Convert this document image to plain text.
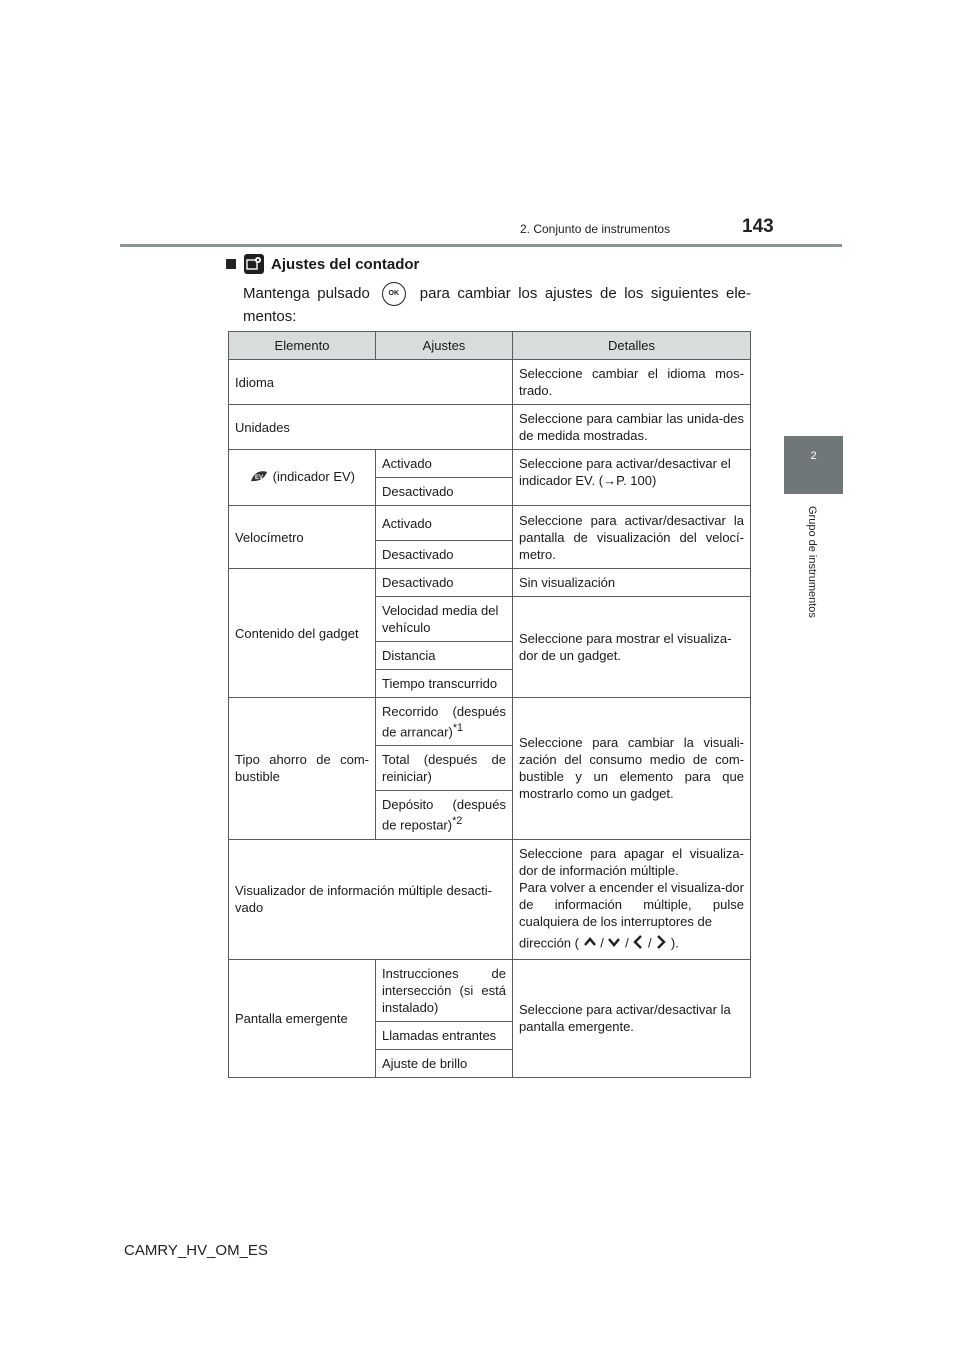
2. Conjunto de instrumentos	143
2
Grupo de instrumentos
Ajustes del contador
Mantenga pulsado	OK para cambiar los ajustes de los siguientes ele-mentos:
Elemento	Ajustes	Detalles
Idioma		Seleccione cambiar el idioma mos-trado.
Unidades		Seleccione para cambiar las unida-des de medida mostradas.

EV (indicador EV)	Activado	Seleccione para activar/desactivar el indicador EV. (→P. 100)
	Desactivado	
Velocímetro	Activado	Seleccione para activar/desactivar la pantalla de visualización del velocí-metro.
	Desactivado	
Contenido del gadget	Desactivado	Sin visualización
	Velocidad media del vehículo	Seleccione para mostrar el visualiza-dor de un gadget.
	Distancia	
	Tiempo transcurrido	
Tipo ahorro de com-bustible	Recorrido (después de arrancar)$^{*1}$	Seleccione para cambiar la visuali-zación del consumo medio de com-bustible y un elemento para que mostrarlo como un gadget.
	Total (después de reiniciar)	
	Depósito (después de repostar)$^{*2}$
Visualizador de información múltiple desacti-vado		Seleccione para apagar el visualiza-dor de información múltiple.
Para volver a encender el visualiza-dor de información múltiple, pulse cualquiera de los interruptores de
dirección ( / / / ).

Pantalla emergente	Instrucciones de intersección (si está instalado)	Seleccione para activar/desactivar la pantalla emergente.
	Llamadas entrantes	
	Ajuste de brillo	
CAMRY_HV_OM_ES
